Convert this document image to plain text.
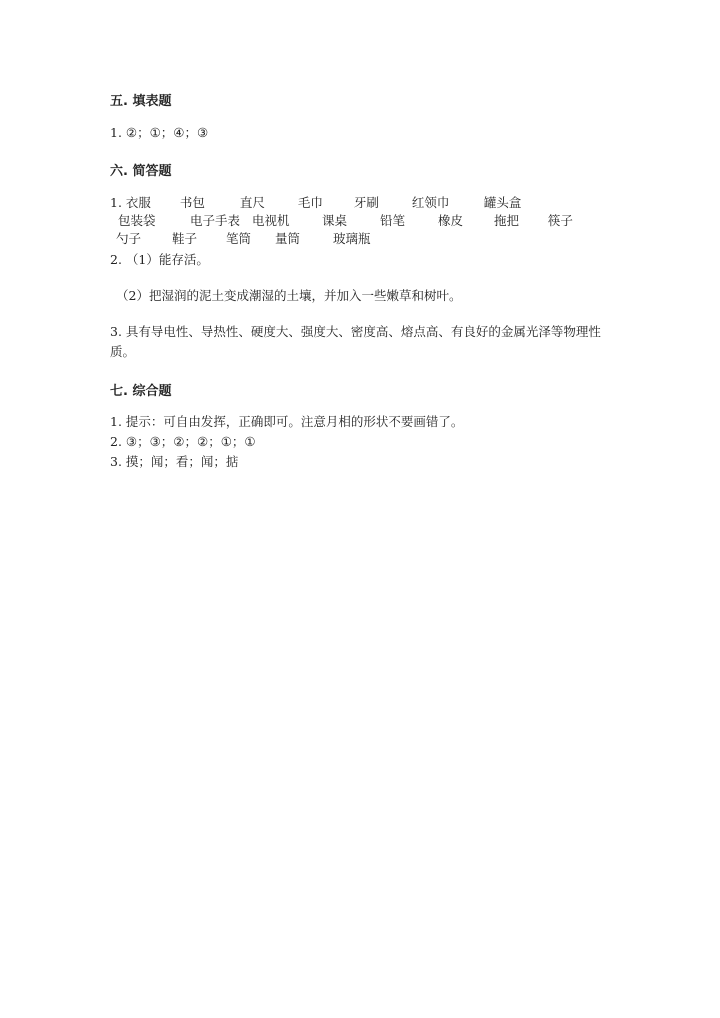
五. 填表题
1. ②；①；④；③
六. 简答题
1. 衣服 书包	直尺	毛巾 牙刷	红领巾	罐头盒 包装袋	电子手表 电视机	课桌	铅笔	橡皮 拖把 筷子 勺子 鞋子 笔筒 量筒	玻璃瓶
2. （1）能存活。
（2）把湿润的泥土变成潮湿的土壤，并加入一些嫩草和树叶。
3. 具有导电性、导热性、硬度大、强度大、密度高、熔点高、有良好的金属光泽等物理性质。
七. 综合题
1. 提示：可自由发挥，正确即可。注意月相的形状不要画错了。
2. ③；③；②；②；①；①
3. 摸；闻；看；闻；掂
